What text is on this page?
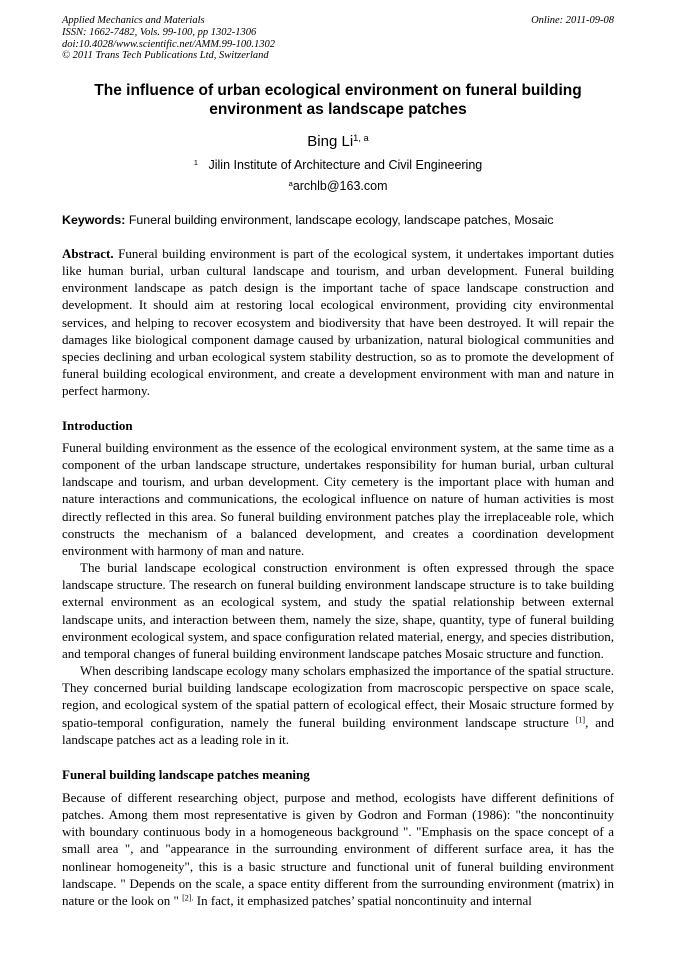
Applied Mechanics and Materials
ISSN: 1662-7482, Vols. 99-100, pp 1302-1306
doi:10.4028/www.scientific.net/AMM.99-100.1302
© 2011 Trans Tech Publications Ltd, Switzerland
Online: 2011-09-08
The influence of urban ecological environment on funeral building environment as landscape patches
Bing Li$^{1, a}$
$^1$ Jilin Institute of Architecture and Civil Engineering
$^a$archlb@163.com
Keywords: Funeral building environment, landscape ecology, landscape patches, Mosaic

Abstract. Funeral building environment is part of the ecological system, it undertakes important duties like human burial, urban cultural landscape and tourism, and urban development. Funeral building environment landscape as patch design is the important tache of space landscape construction and development. It should aim at restoring local ecological environment, providing city environmental services, and helping to recover ecosystem and biodiversity that have been destroyed. It will repair the damages like biological component damage caused by urbanization, natural biological communities and species declining and urban ecological system stability destruction, so as to promote the development of funeral building ecological environment, and create a development environment with man and nature in perfect harmony.

Introduction

Funeral building environment as the essence of the ecological environment system, at the same time as a component of the urban landscape structure, undertakes responsibility for human burial, urban cultural landscape and tourism, and urban development. City cemetery is the important place with human and nature interactions and communications, the ecological influence on nature of human activities is most directly reflected in this area. So funeral building environment patches play the irreplaceable role, which constructs the mechanism of a balanced development, and creates a coordination development environment with harmony of man and nature.

The burial landscape ecological construction environment is often expressed through the space landscape structure. The research on funeral building environment landscape structure is to take building external environment as an ecological system, and study the spatial relationship between external landscape units, and interaction between them, namely the size, shape, quantity, type of funeral building environment ecological system, and space configuration related material, energy, and species distribution, and temporal changes of funeral building environment landscape patches Mosaic structure and function.

When describing landscape ecology many scholars emphasized the importance of the spatial structure. They concerned burial building landscape ecologization from macroscopic perspective on space scale, region, and ecological system of the spatial pattern of ecological effect, their Mosaic structure formed by spatio-temporal configuration, namely the funeral building environment landscape structure [1], and landscape patches act as a leading role in it.

Funeral building landscape patches meaning

Because of different researching object, purpose and method, ecologists have different definitions of patches. Among them most representative is given by Godron and Forman (1986): "the noncontinuity with boundary continuous body in a homogeneous background ". "Emphasis on the space concept of a small area ", and "appearance in the surrounding environment of different surface area, it has the nonlinear homogeneity", this is a basic structure and functional unit of funeral building environment landscape. " Depends on the scale, a space entity different from the surrounding environment (matrix) in nature or the look on " $^{[2].}$ In fact, it emphasized patches’ spatial noncontinuity and internal
